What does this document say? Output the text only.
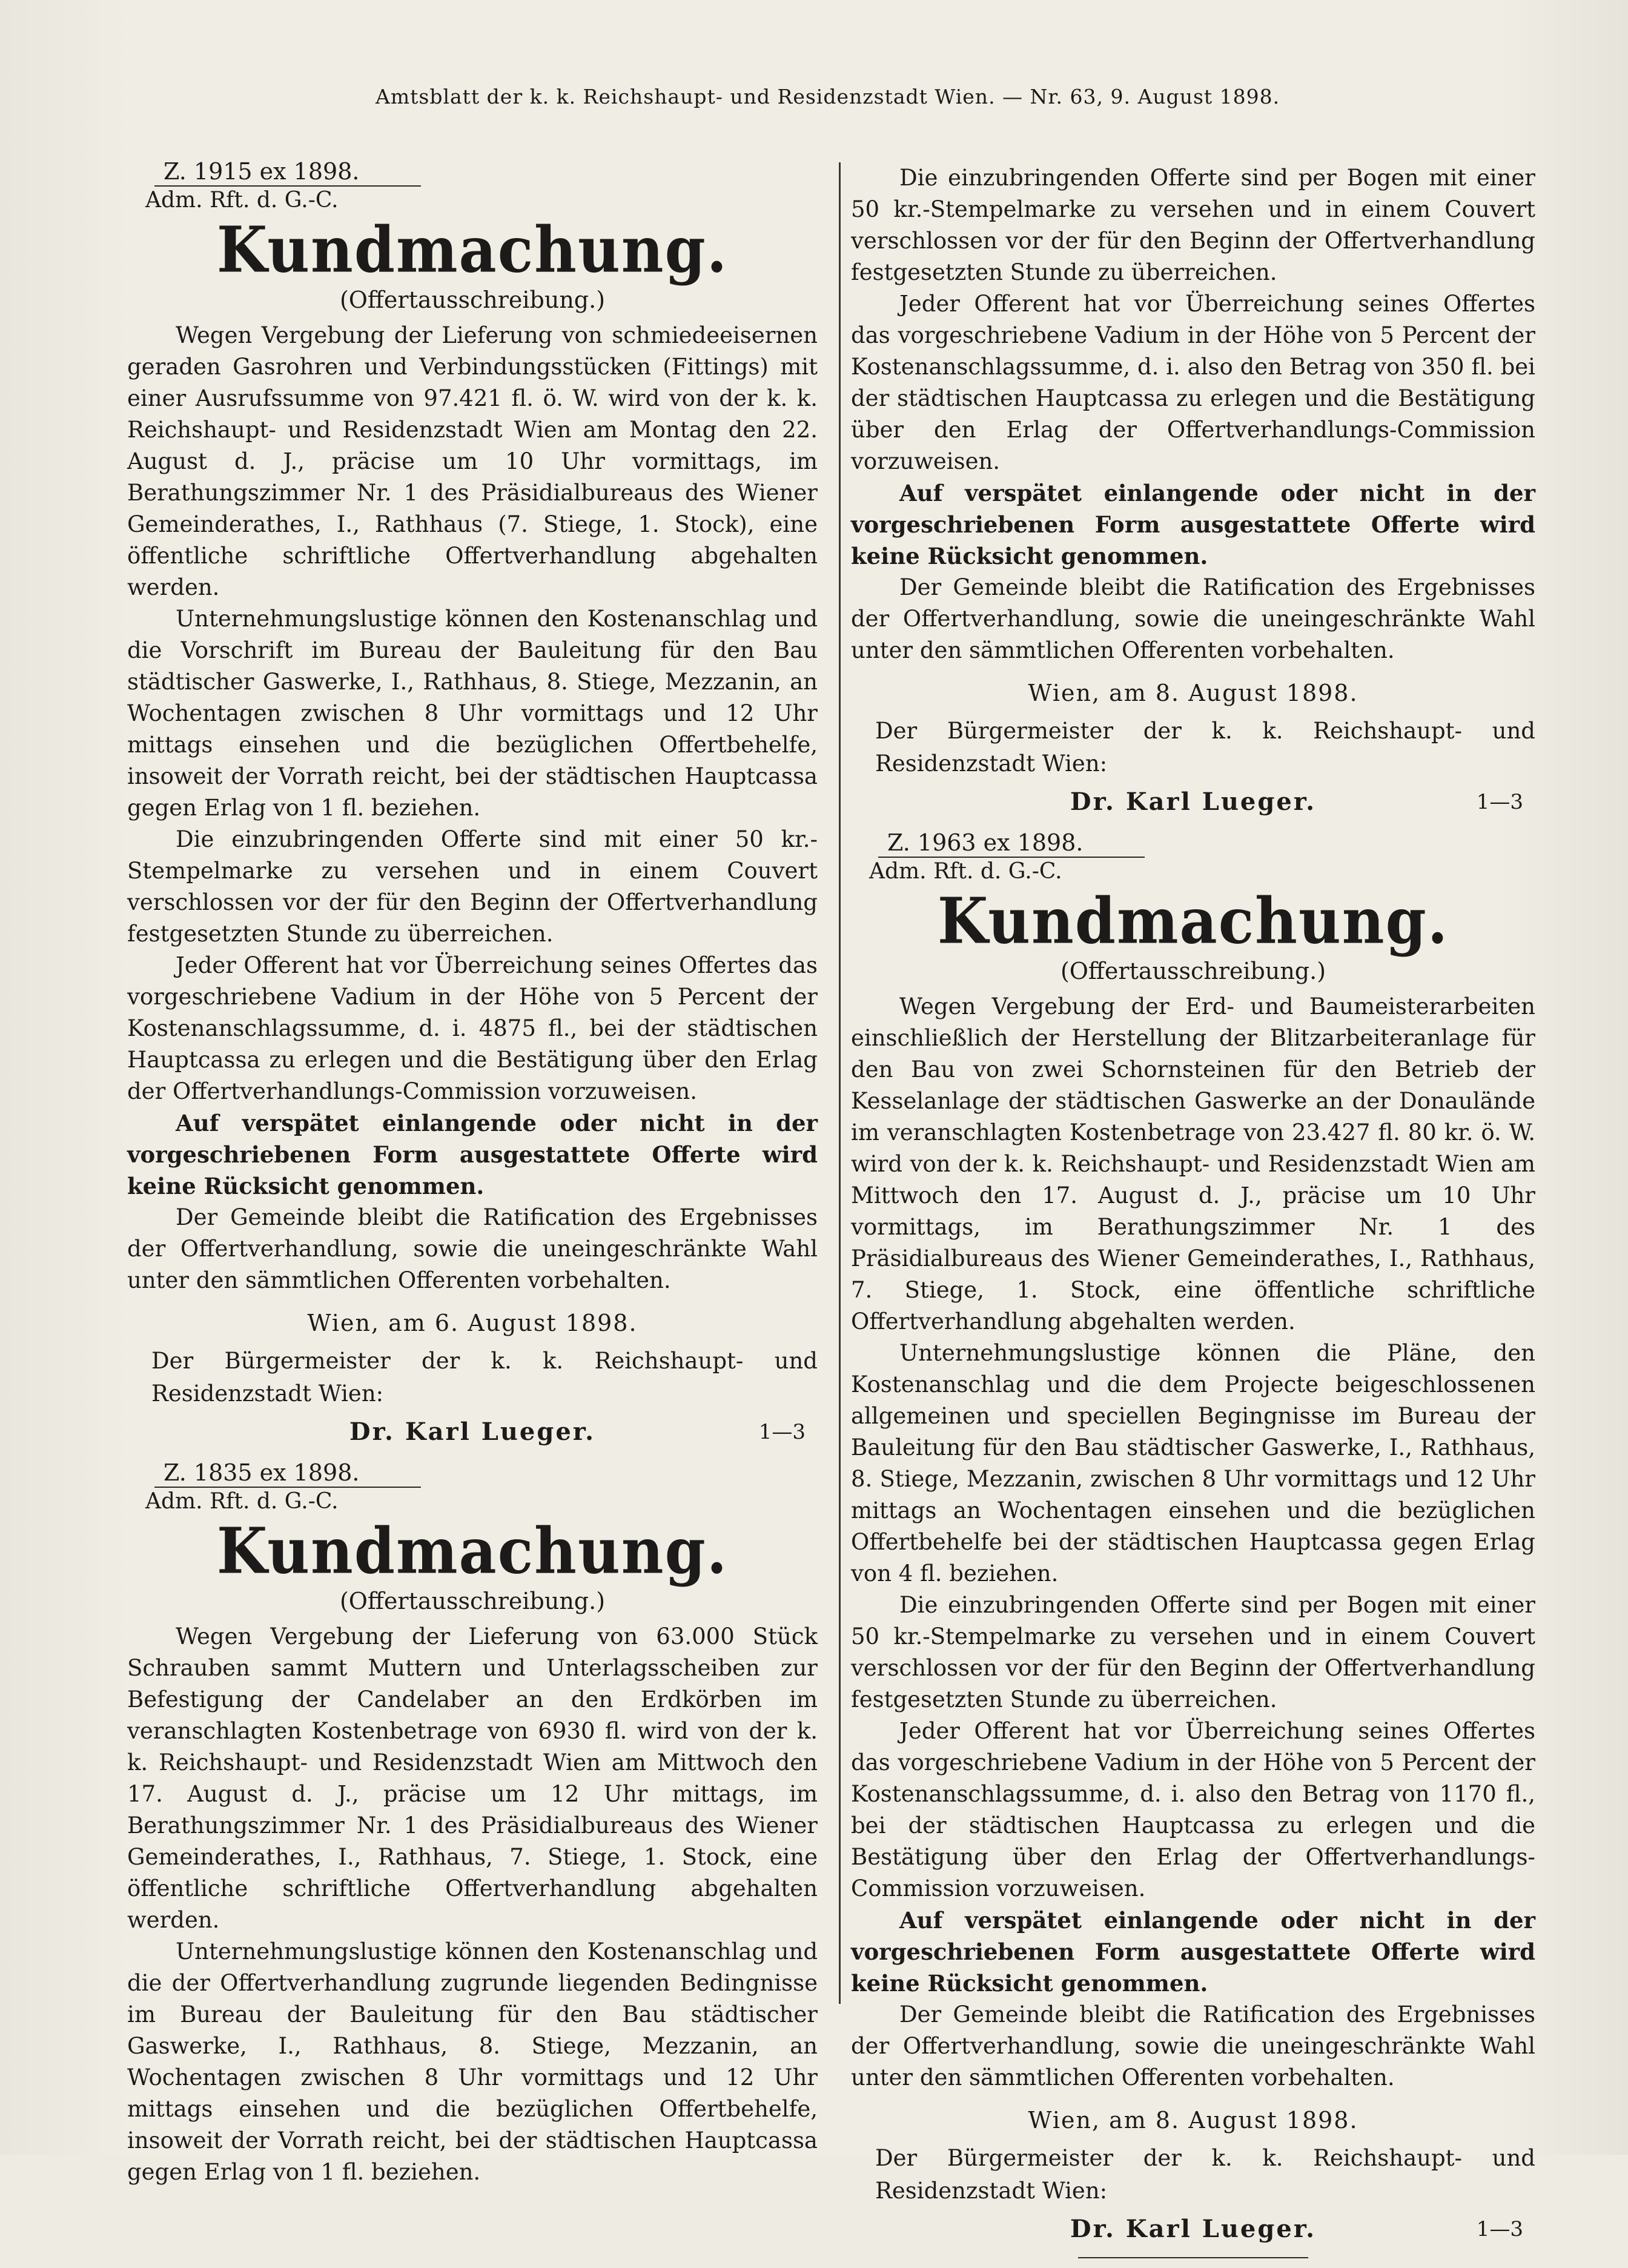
Amtsblatt der k. k. Reichshaupt- und Residenzstadt Wien. — Nr. 63, 9. August 1898.
Z. 1915 ex 1898.
Adm. Rft. d. G.-C.
Kundmachung.
(Offertausschreibung.)

Wegen Vergebung der Lieferung von schmiedeeisernen geraden Gasrohren und Verbindungsstücken (Fittings) mit einer Ausrufssumme von 97.421 fl. ö. W. wird von der k. k. Reichshaupt- und Residenzstadt Wien am Montag den 22. August d. J., präcise um 10 Uhr vormittags, im Berathungszimmer Nr. 1 des Präsidialbureaus des Wiener Gemeinderathes, I., Rathhaus (7. Stiege, 1. Stock), eine öffentliche schriftliche Offertverhandlung abgehalten werden.

Unternehmungslustige können den Kostenanschlag und die Vorschrift im Bureau der Bauleitung für den Bau städtischer Gaswerke, I., Rathhaus, 8. Stiege, Mezzanin, an Wochentagen zwischen 8 Uhr vormittags und 12 Uhr mittags einsehen und die bezüglichen Offertbehelfe, insoweit der Vorrath reicht, bei der städtischen Hauptcassa gegen Erlag von 1 fl. beziehen.

Die einzubringenden Offerte sind mit einer 50 kr.-Stempelmarke zu versehen und in einem Couvert verschlossen vor der für den Beginn der Offertverhandlung festgesetzten Stunde zu überreichen.

Jeder Offerent hat vor Überreichung seines Offertes das vorgeschriebene Vadium in der Höhe von 5 Percent der Kostenanschlagssumme, d. i. 4875 fl., bei der städtischen Hauptcassa zu erlegen und die Bestätigung über den Erlag der Offertverhandlungs-Commission vorzuweisen.

Auf verspätet einlangende oder nicht in der vorgeschriebenen Form ausgestattete Offerte wird keine Rücksicht genommen.

Der Gemeinde bleibt die Ratification des Ergebnisses der Offertverhandlung, sowie die uneingeschränkte Wahl unter den sämmtlichen Offerenten vorbehalten.

Wien, am 6. August 1898.
Der Bürgermeister der k. k. Reichshaupt- und Residenzstadt Wien:
Dr. Karl Lueger.	1—3
Z. 1835 ex 1898.
Adm. Rft. d. G.-C.
Kundmachung.
(Offertausschreibung.)

Wegen Vergebung der Lieferung von 63.000 Stück Schrauben sammt Muttern und Unterlagsscheiben zur Befestigung der Candelaber an den Erdkörben im veranschlagten Kostenbetrage von 6930 fl. wird von der k. k. Reichshaupt- und Residenzstadt Wien am Mittwoch den 17. August d. J., präcise um 12 Uhr mittags, im Berathungszimmer Nr. 1 des Präsidialbureaus des Wiener Gemeinderathes, I., Rathhaus, 7. Stiege, 1. Stock, eine öffentliche schriftliche Offertverhandlung abgehalten werden.

Unternehmungslustige können den Kostenanschlag und die der Offertverhandlung zugrunde liegenden Bedingnisse im Bureau der Bauleitung für den Bau städtischer Gaswerke, I., Rathhaus, 8. Stiege, Mezzanin, an Wochentagen zwischen 8 Uhr vormittags und 12 Uhr mittags einsehen und die bezüglichen Offertbehelfe, insoweit der Vorrath reicht, bei der städtischen Hauptcassa gegen Erlag von 1 fl. beziehen.

Die einzubringenden Offerte sind per Bogen mit einer 50 kr.-Stempelmarke zu versehen und in einem Couvert verschlossen vor der für den Beginn der Offertverhandlung festgesetzten Stunde zu überreichen.

Jeder Offerent hat vor Überreichung seines Offertes das vorgeschriebene Vadium in der Höhe von 5 Percent der Kostenanschlagssumme, d. i. also den Betrag von 350 fl. bei der städtischen Hauptcassa zu erlegen und die Bestätigung über den Erlag der Offertverhandlungs-Commission vorzuweisen.

Auf verspätet einlangende oder nicht in der vorgeschriebenen Form ausgestattete Offerte wird keine Rücksicht genommen.

Der Gemeinde bleibt die Ratification des Ergebnisses der Offertverhandlung, sowie die uneingeschränkte Wahl unter den sämmtlichen Offerenten vorbehalten.

Wien, am 8. August 1898.
Der Bürgermeister der k. k. Reichshaupt- und Residenzstadt Wien:
Dr. Karl Lueger.	1—3
Z. 1963 ex 1898.
Adm. Rft. d. G.-C.
Kundmachung.
(Offertausschreibung.)

Wegen Vergebung der Erd- und Baumeisterarbeiten einschließlich der Herstellung der Blitzarbeiteranlage für den Bau von zwei Schornsteinen für den Betrieb der Kesselanlage der städtischen Gaswerke an der Donaulände im veranschlagten Kostenbetrage von 23.427 fl. 80 kr. ö. W. wird von der k. k. Reichshaupt- und Residenzstadt Wien am Mittwoch den 17. August d. J., präcise um 10 Uhr vormittags, im Berathungszimmer Nr. 1 des Präsidialbureaus des Wiener Gemeinderathes, I., Rathhaus, 7. Stiege, 1. Stock, eine öffentliche schriftliche Offertverhandlung abgehalten werden.

Unternehmungslustige können die Pläne, den Kostenanschlag und die dem Projecte beigeschlossenen allgemeinen und speciellen Begingnisse im Bureau der Bauleitung für den Bau städtischer Gaswerke, I., Rathhaus, 8. Stiege, Mezzanin, zwischen 8 Uhr vormittags und 12 Uhr mittags an Wochentagen einsehen und die bezüglichen Offertbehelfe bei der städtischen Hauptcassa gegen Erlag von 4 fl. beziehen.

Die einzubringenden Offerte sind per Bogen mit einer 50 kr.-Stempelmarke zu versehen und in einem Couvert verschlossen vor der für den Beginn der Offertverhandlung festgesetzten Stunde zu überreichen.

Jeder Offerent hat vor Überreichung seines Offertes das vorgeschriebene Vadium in der Höhe von 5 Percent der Kostenanschlagssumme, d. i. also den Betrag von 1170 fl., bei der städtischen Hauptcassa zu erlegen und die Bestätigung über den Erlag der Offertverhandlungs-Commission vorzuweisen.

Auf verspätet einlangende oder nicht in der vorgeschriebenen Form ausgestattete Offerte wird keine Rücksicht genommen.

Der Gemeinde bleibt die Ratification des Ergebnisses der Offertverhandlung, sowie die uneingeschränkte Wahl unter den sämmtlichen Offerenten vorbehalten.

Wien, am 8. August 1898.
Der Bürgermeister der k. k. Reichshaupt- und Residenzstadt Wien:
Dr. Karl Lueger.	1—3
